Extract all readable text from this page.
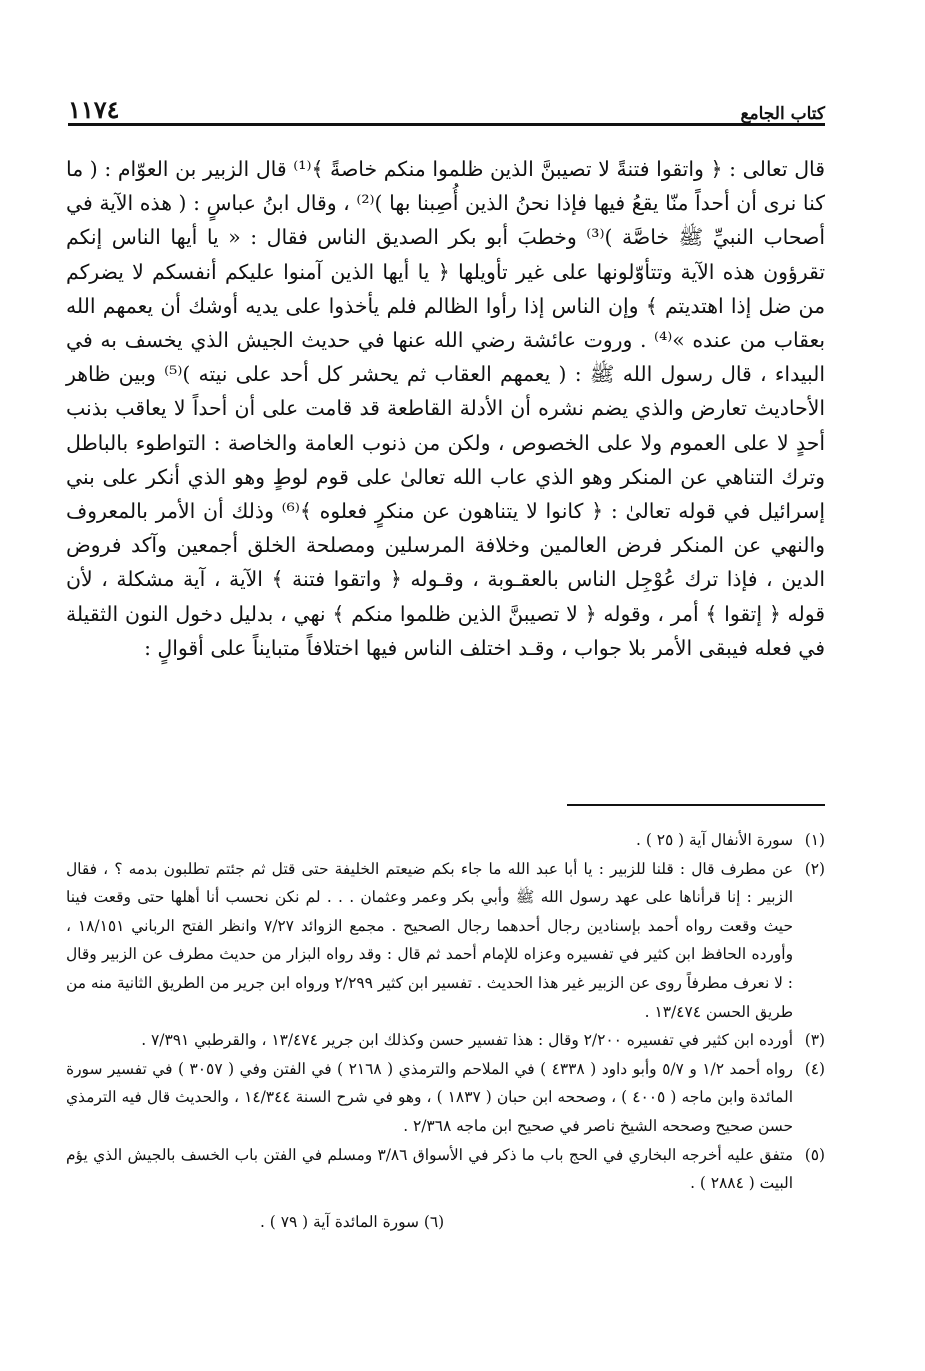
كتاب الجامع
١١٧٤

قال تعالى : ﴿ واتقوا فتنةً لا تصيبنَّ الذين ظلموا منكم خاصةً ﴾⁽¹⁾ قال الزبير بن العوّام : ( ما كنا نرى أن أحداً منّا يقعُ فيها فإذا نحنُ الذين أُصِبنا بها )⁽²⁾ ، وقال ابنُ عباسٍ : ( هذه الآية في أصحاب النبيِّ ﷺ خاصَّة )⁽³⁾ وخطبَ أبو بكر الصديق الناس فقال : « يا أيها الناس إنكم تقرؤون هذه الآية وتتأوّلونها على غير تأويلها ﴿ يا أيها الذين آمنوا عليكم أنفسكم لا يضركم من ضل إذا اهتديتم ﴾ وإن الناس إذا رأوا الظالم فلم يأخذوا على يديه أوشك أن يعمهم الله بعقاب من عنده »⁽⁴⁾ . وروت عائشة رضي الله عنها في حديث الجيش الذي يخسف به في البيداء ، قال رسول الله ﷺ : ( يعمهم العقاب ثم يحشر كل أحد على نيته )⁽⁵⁾ وبين ظاهر الأحاديث تعارض والذي يضم نشره أن الأدلة القاطعة قد قامت على أن أحداً لا يعاقب بذنب أحدٍ لا على العموم ولا على الخصوص ، ولكن من ذنوب العامة والخاصة : التواطوء بالباطل وترك التناهي عن المنكر وهو الذي عاب الله تعالىٰ على قوم لوطٍ وهو الذي أنكر على بني إسرائيل في قوله تعالىٰ : ﴿ كانوا لا يتناهون عن منكرٍ فعلوه ﴾⁽⁶⁾ وذلك أن الأمر بالمعروف والنهي عن المنكر فرض العالمين وخلافة المرسلين ومصلحة الخلق أجمعين وآكد فروض الدين ، فإذا ترك عُوْجِل الناس بالعقـوبة ، وقـوله ﴿ واتقوا فتنة ﴾ الآية ، آية مشكلة ، لأن قوله ﴿ إتقوا ﴾ أمر ، وقوله ﴿ لا تصيبنَّ الذين ظلموا منكم ﴾ نهي ، بدليل دخول النون الثقيلة في فعله فيبقى الأمر بلا جواب ، وقـد اختلف الناس فيها اختلافاً متبايناً على أقوالٍ :

(١)
سورة الأنفال آية ( ٢٥ ) .
(٢)
عن مطرف قال : قلنا للزبير : يا أبا عبد الله ما جاء بكم ضيعتم الخليفة حتى قتل ثم جئتم تطلبون بدمه ؟ ، فقال الزبير : إنا قرأناها على عهد رسول الله ﷺ وأبي بكر وعمر وعثمان . . . لم نكن نحسب أنا أهلها حتى وقعت فينا حيث وقعت رواه أحمد بإسنادين رجال أحدهما رجال الصحيح . مجمع الزوائد ٧/٢٧ وانظر الفتح الرباني ١٨/١٥١ ، وأورده الحافظ ابن كثير في تفسيره وعزاه للإمام أحمد ثم قال : وقد رواه البزار من حديث مطرف عن الزبير وقال : لا نعرف مطرفاً روى عن الزبير غير هذا الحديث . تفسير ابن كثير ٢/٢٩٩ ورواه ابن جرير من الطريق الثانية منه من طريق الحسن ١٣/٤٧٤ .
(٣)
أورده ابن كثير في تفسيره ٢/٢٠٠ وقال : هذا تفسير حسن وكذلك ابن جرير ١٣/٤٧٤ ، والقرطبي ٧/٣٩١ .
(٤)
رواه أحمد ١/٢ و ٥/٧ وأبو داود ( ٤٣٣٨ ) في الملاحم والترمذي ( ٢١٦٨ ) في الفتن وفي ( ٣٠٥٧ ) في تفسير سورة المائدة وابن ماجه ( ٤٠٠٥ ) ، وصححه ابن حبان ( ١٨٣٧ ) ، وهو في شرح السنة ١٤/٣٤٤ ، والحديث قال فيه الترمذي حسن صحيح وصححه الشيخ ناصر في صحيح ابن ماجه ٢/٣٦٨ .
(٥)
متفق عليه أخرجه البخاري في الحج باب ما ذكر في الأسواق ٣/٨٦ ومسلم في الفتن باب الخسف بالجيش الذي يؤم البيت ( ٢٨٨٤ ) .
(٦) سورة المائدة آية ( ٧٩ ) .
